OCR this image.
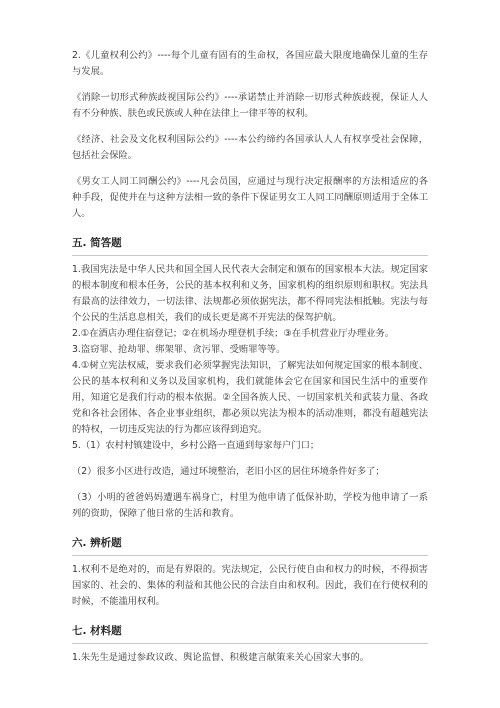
2.《儿童权利公约》----每个儿童有固有的生命权，各国应最大限度地确保儿童的生存与发展。

《消除一切形式种族歧视国际公约》----承诺禁止并消除一切形式种族歧视，保证人人有不分种族、肤色或民族或人种在法律上一律平等的权利。

《经济、社会及文化权利国际公约》----本公约缔约各国承认人人有权享受社会保障，包括社会保险。

《男女工人同工同酬公约》----凡会员国，应通过与现行决定报酬率的方法相适应的各种手段，促使并在与这种方法相一致的条件下保证男女工人同工同酬原则适用于全体工人。

五. 简答题

1.我国宪法是中华人民共和国全国人民代表大会制定和颁布的国家根本大法。规定国家的根本制度和根本任务，公民的基本权利和义务，国家机构的组织原则和职权。宪法具有最高的法律效力，一切法律、法规都必须依据宪法，都不得同宪法相抵触。宪法与每个公民的生活息息相关，我们的成长更是离不开宪法的保驾护航。

2.①在酒店办理住宿登记；②在机场办理登机手续；③在手机营业厅办理业务。

3.盗窃罪、抢劫罪、绑架罪、贪污罪、受贿罪等等。

4.①树立宪法权威，要求我们必须掌握宪法知识，了解宪法如何规定国家的根本制度、公民的基本权利和义务以及国家机构，我们就能体会它在国家和国民生活中的重要作用，知道它是我们行动的根本依据。②全国各族人民、一切国家机关和武装力量、各政党和各社会团体、各企业事业组织，都必须以宪法为根本的活动准则，都没有超越宪法的特权，一切违反宪法的行为都应该得到追究。

5.（1）农村村镇建设中，乡村公路一直通到每家每户门口；

（2）很多小区进行改造，通过环境整治，老旧小区的居住环境条件好多了；

（3）小明的爸爸妈妈遭遇车祸身亡，村里为他申请了低保补助，学校为他申请了一系列的资助，保障了他日常的生活和教育。

六. 辨析题

1.权利不是绝对的，而是有界限的。宪法规定，公民行使自由和权力的时候，不得损害国家的、社会的、集体的利益和其他公民的合法自由和权利。因此，我们在行使权利的时候，不能滥用权利。

七. 材料题

1.朱先生是通过参政议政、舆论监督、积极建言献策来关心国家大事的。
